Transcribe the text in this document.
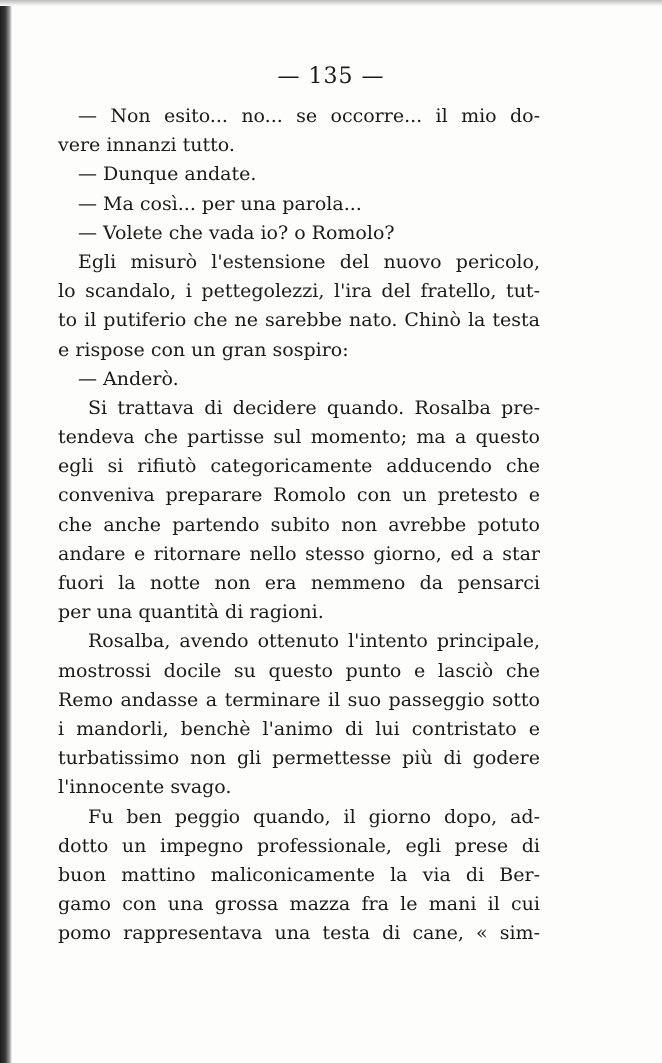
— 135 —
— Non esito... no... se occorre... il mio do-
vere innanzi tutto.
— Dunque andate.
— Ma così... per una parola...
— Volete che vada io? o Romolo?
Egli misurò l'estensione del nuovo pericolo,
lo scandalo, i pettegolezzi, l'ira del fratello, tut-
to il putiferio che ne sarebbe nato. Chinò la testa
e rispose con un gran sospiro:
— Anderò.
Si trattava di decidere quando. Rosalba pre-
tendeva che partisse sul momento; ma a questo
egli si rifiutò categoricamente adducendo che
conveniva preparare Romolo con un pretesto e
che anche partendo subito non avrebbe potuto
andare e ritornare nello stesso giorno, ed a star
fuori la notte non era nemmeno da pensarci
per una quantità di ragioni.
Rosalba, avendo ottenuto l'intento principale,
mostrossi docile su questo punto e lasciò che
Remo andasse a terminare il suo passeggio sotto
i mandorli, benchè l'animo di lui contristato e
turbatissimo non gli permettesse più di godere
l'innocente svago.
Fu ben peggio quando, il giorno dopo, ad-
dotto un impegno professionale, egli prese di
buon mattino maliconicamente la via di Ber-
gamo con una grossa mazza fra le mani il cui
pomo rappresentava una testa di cane, « sim-
